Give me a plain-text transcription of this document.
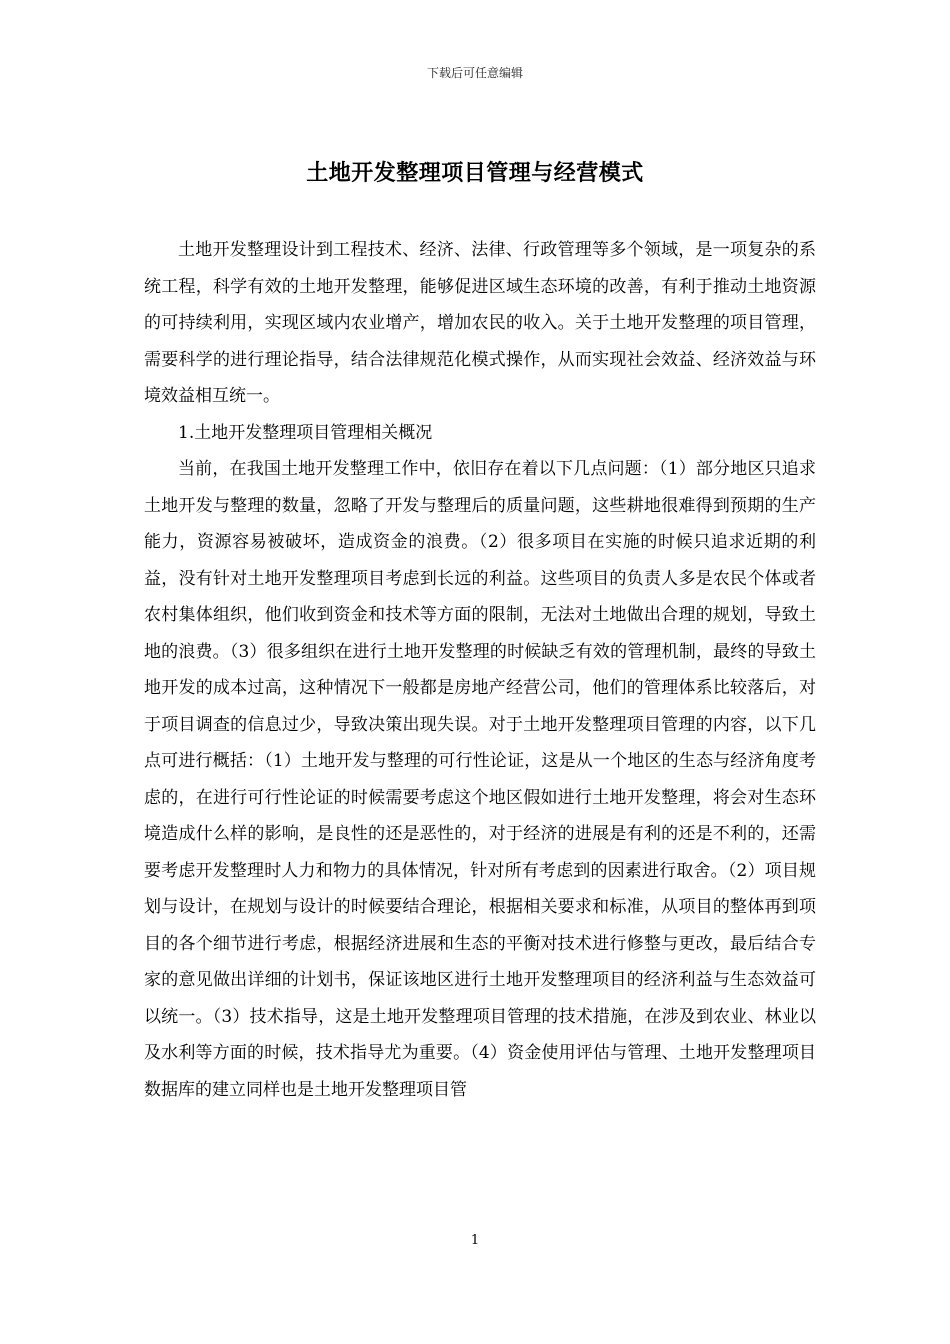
下载后可任意编辑
土地开发整理项目管理与经营模式

土地开发整理设计到工程技术、经济、法律、行政管理等多个领域，是一项复杂的系统工程，科学有效的土地开发整理，能够促进区域生态环境的改善，有利于推动土地资源的可持续利用，实现区域内农业增产，增加农民的收入。关于土地开发整理的项目管理，需要科学的进行理论指导，结合法律规范化模式操作，从而实现社会效益、经济效益与环境效益相互统一。

1.土地开发整理项目管理相关概况

当前，在我国土地开发整理工作中，依旧存在着以下几点问题：（1）部分地区只追求土地开发与整理的数量，忽略了开发与整理后的质量问题，这些耕地很难得到预期的生产能力，资源容易被破坏，造成资金的浪费。（2）很多项目在实施的时候只追求近期的利益，没有针对土地开发整理项目考虑到长远的利益。这些项目的负责人多是农民个体或者农村集体组织，他们收到资金和技术等方面的限制，无法对土地做出合理的规划，导致土地的浪费。（3）很多组织在进行土地开发整理的时候缺乏有效的管理机制，最终的导致土地开发的成本过高，这种情况下一般都是房地产经营公司，他们的管理体系比较落后，对于项目调查的信息过少，导致决策出现失误。对于土地开发整理项目管理的内容，以下几点可进行概括：（1）土地开发与整理的可行性论证，这是从一个地区的生态与经济角度考虑的，在进行可行性论证的时候需要考虑这个地区假如进行土地开发整理，将会对生态环境造成什么样的影响，是良性的还是恶性的，对于经济的进展是有利的还是不利的，还需要考虑开发整理时人力和物力的具体情况，针对所有考虑到的因素进行取舍。（2）项目规划与设计，在规划与设计的时候要结合理论，根据相关要求和标准，从项目的整体再到项目的各个细节进行考虑，根据经济进展和生态的平衡对技术进行修整与更改，最后结合专家的意见做出详细的计划书，保证该地区进行土地开发整理项目的经济利益与生态效益可以统一。（3）技术指导，这是土地开发整理项目管理的技术措施，在涉及到农业、林业以及水利等方面的时候，技术指导尤为重要。（4）资金使用评估与管理、土地开发整理项目数据库的建立同样也是土地开发整理项目管

1
